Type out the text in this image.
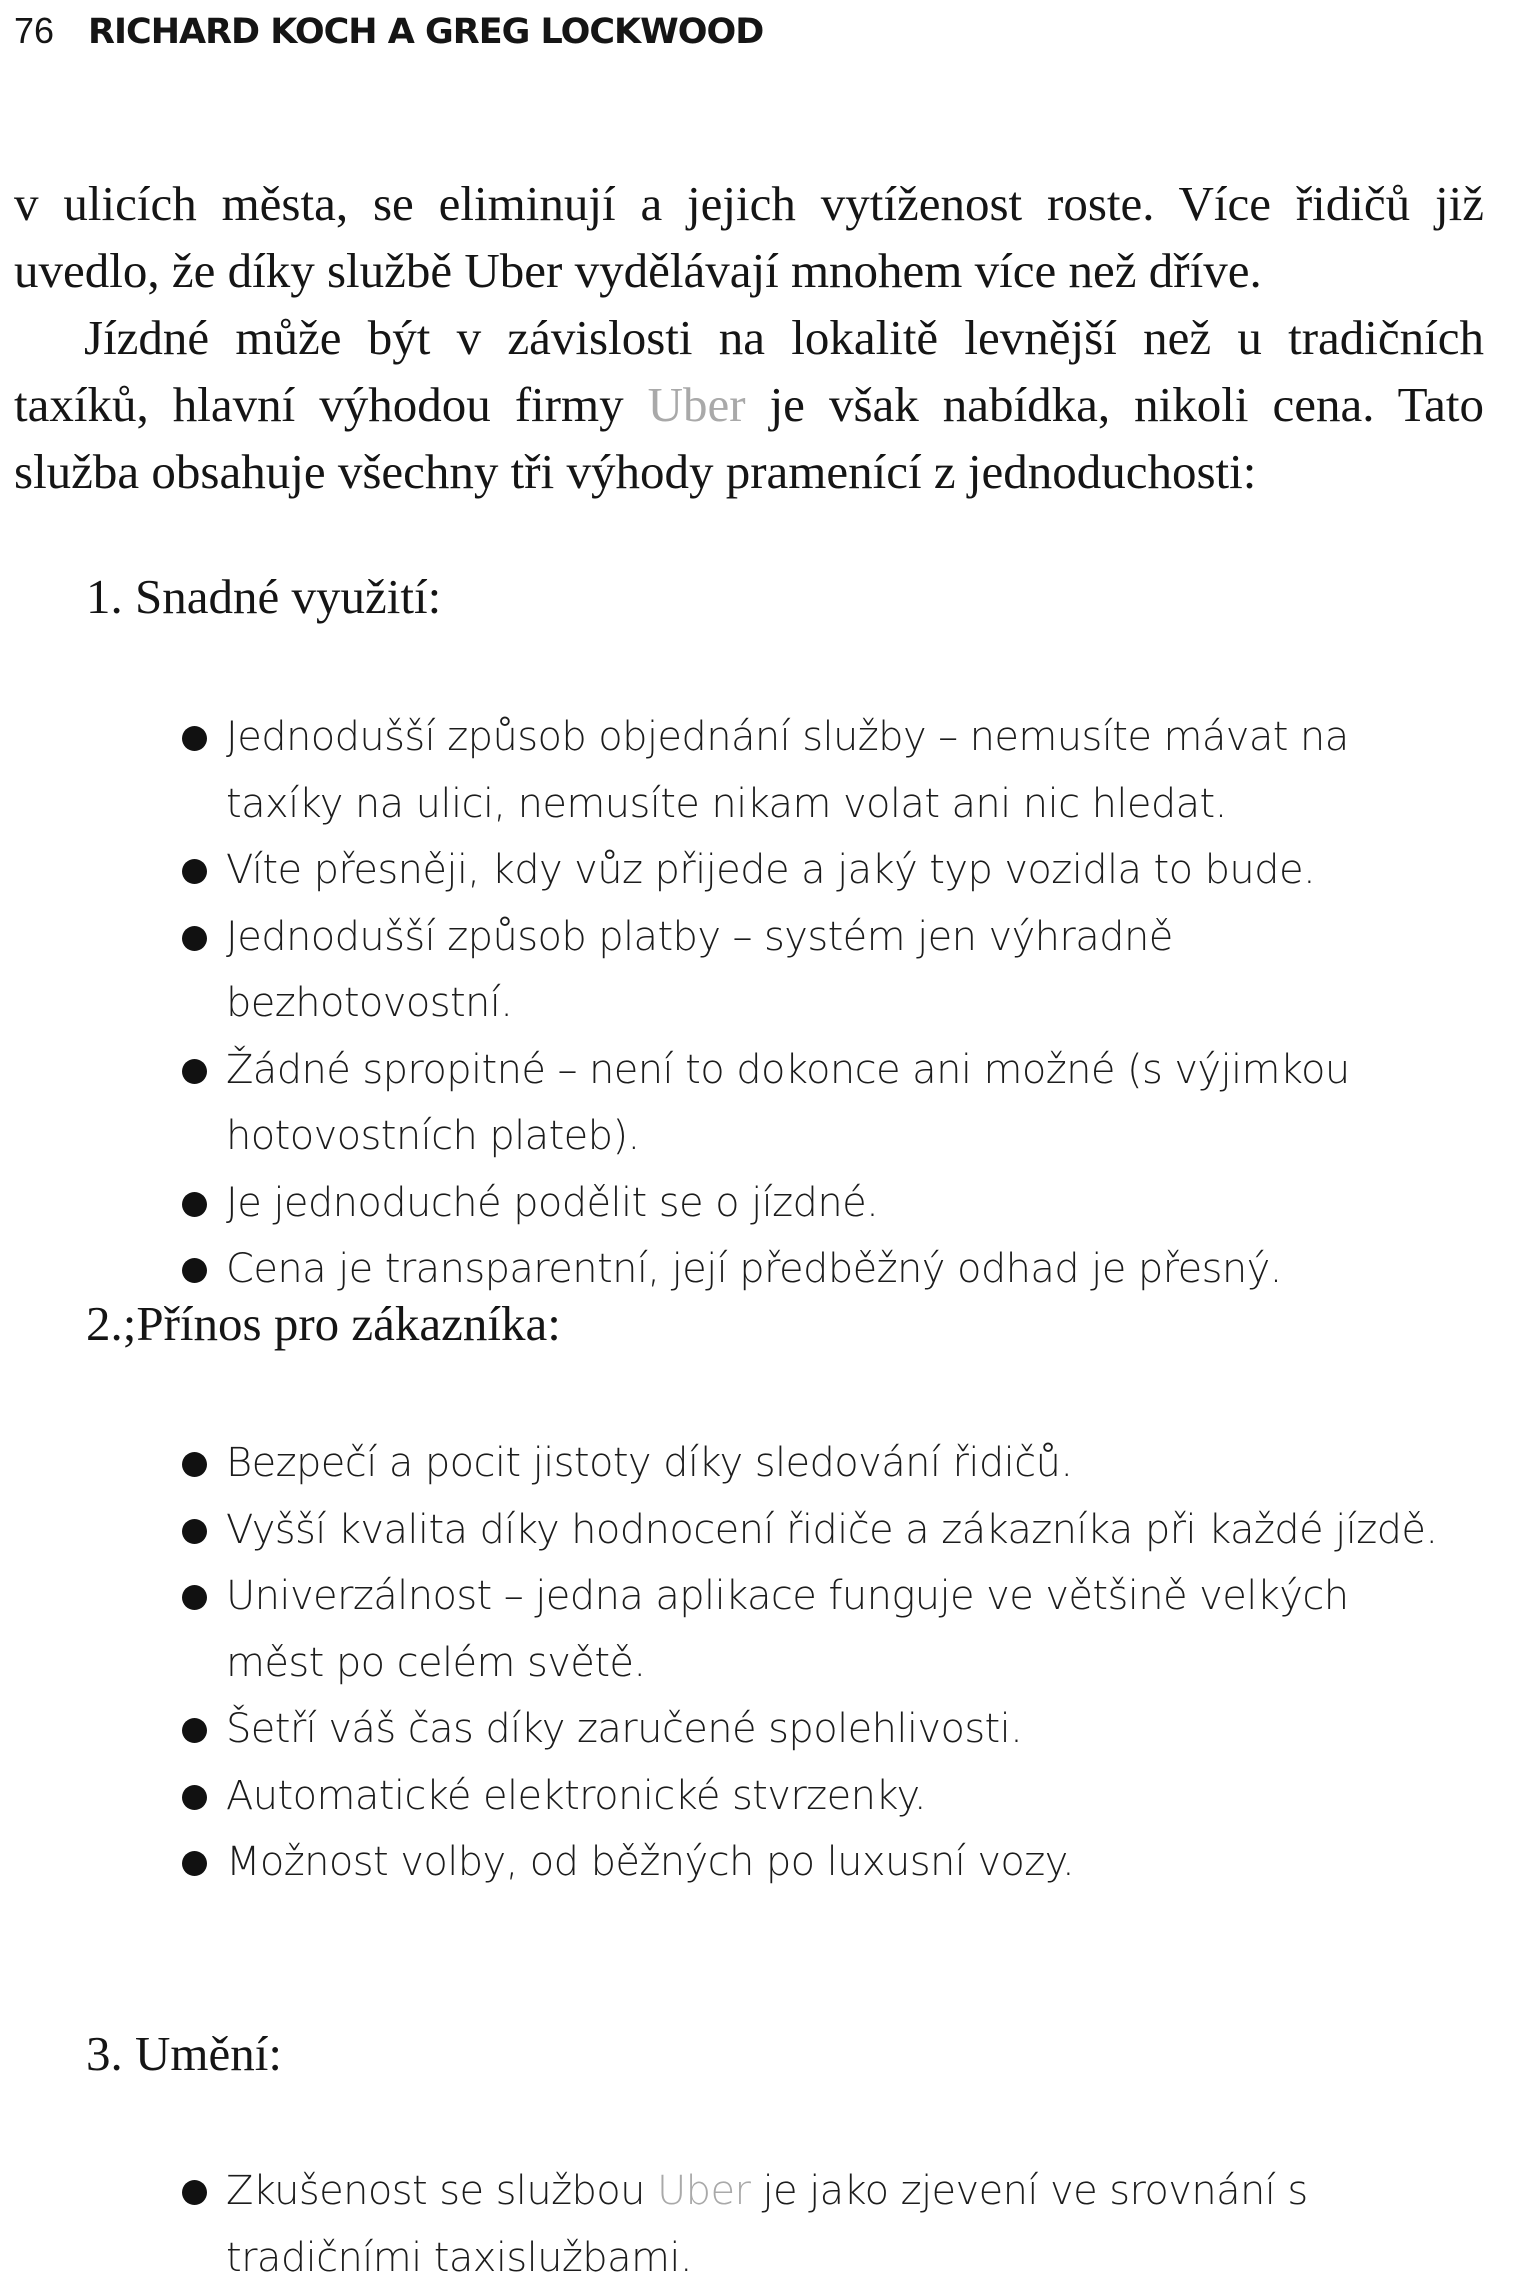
76 RICHARD KOCH A GREG LOCKWOOD

v ulicích města, se eliminují a jejich vytíženost roste. Více řidičů již uvedlo, že díky službě Uber vydělávají mnohem více než dříve.

Jízdné může být v závislosti na lokalitě levnější než u tradičních taxíků, hlavní výhodou firmy Uber je však nabídka, nikoli cena. Tato služba obsahuje všechny tři výhody pramenící z jednoduchosti:

1. Snadné využití:
Jednodušší způsob objednání služby – nemusíte mávat na taxíky na ulici, nemusíte nikam volat ani nic hledat.
Víte přesněji, kdy vůz přijede a jaký typ vozidla to bude.
Jednodušší způsob platby – systém jen výhradně bezhotovostní.
Žádné spropitné – není to dokonce ani možné (s výjimkou hotovostních plateb).
Je jednoduché podělit se o jízdné.
Cena je transparentní, její předběžný odhad je přesný.
2.;Přínos pro zákazníka:
Bezpečí a pocit jistoty díky sledování řidičů.
Vyšší kvalita díky hodnocení řidiče a zákazníka při každé jízdě.
Univerzálnost – jedna aplikace funguje ve většině velkých měst po celém světě.
Šetří váš čas díky zaručené spolehlivosti.
Automatické elektronické stvrzenky.
Možnost volby, od běžných po luxusní vozy.
3. Umění:
Zkušenost se službou Uber je jako zjevení ve srovnání s tradičními taxislužbami.
